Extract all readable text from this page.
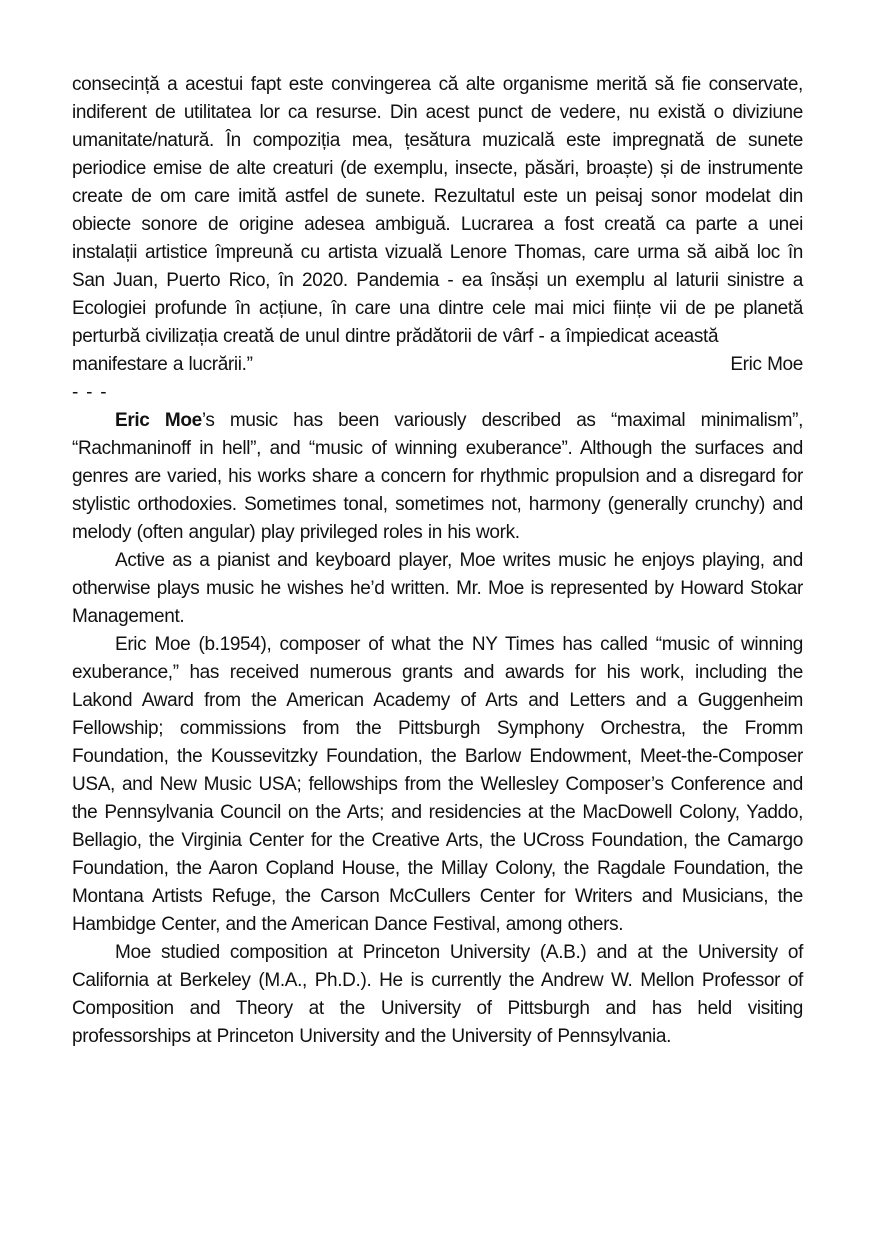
consecință a acestui fapt este convingerea că alte organisme merită să fie conservate, indiferent de utilitatea lor ca resurse. Din acest punct de vedere, nu există o diviziune umanitate/natură. În compoziția mea, țesătura muzicală este impregnată de sunete periodice emise de alte creaturi (de exemplu, insecte, păsări, broaște) și de instrumente create de om care imită astfel de sunete. Rezultatul este un peisaj sonor modelat din obiecte sonore de origine adesea ambiguă. Lucrarea a fost creată ca parte a unei instalații artistice împreună cu artista vizuală Lenore Thomas, care urma să aibă loc în San Juan, Puerto Rico, în 2020. Pandemia - ea însăși un exemplu al laturii sinistre a Ecologiei profunde în acțiune, în care una dintre cele mai mici ființe vii de pe planetă perturbă civilizația creată de unul dintre prădătorii de vârf - a împiedicat această

manifestare a lucrării.”	Eric Moe
- - -

Eric Moe’s music has been variously described as “maximal minimalism”, “Rachmaninoff in hell”, and “music of winning exuberance”. Although the surfaces and genres are varied, his works share a concern for rhythmic propulsion and a disregard for stylistic orthodoxies. Sometimes tonal, sometimes not, harmony (generally crunchy) and melody (often angular) play privileged roles in his work.

Active as a pianist and keyboard player, Moe writes music he enjoys playing, and otherwise plays music he wishes he’d written. Mr. Moe is represented by Howard Stokar Management.

Eric Moe (b.1954), composer of what the NY Times has called “music of winning exuberance,” has received numerous grants and awards for his work, including the Lakond Award from the American Academy of Arts and Letters and a Guggenheim Fellowship; commissions from the Pittsburgh Symphony Orchestra, the Fromm Foundation, the Koussevitzky Foundation, the Barlow Endowment, Meet-the-Composer USA, and New Music USA; fellowships from the Wellesley Composer’s Conference and the Pennsylvania Council on the Arts; and residencies at the MacDowell Colony, Yaddo, Bellagio, the Virginia Center for the Creative Arts, the UCross Foundation, the Camargo Foundation, the Aaron Copland House, the Millay Colony, the Ragdale Foundation, the Montana Artists Refuge, the Carson McCullers Center for Writers and Musicians, the Hambidge Center, and the American Dance Festival, among others.

Moe studied composition at Princeton University (A.B.) and at the University of California at Berkeley (M.A., Ph.D.). He is currently the Andrew W. Mellon Professor of Composition and Theory at the University of Pittsburgh and has held visiting professorships at Princeton University and the University of Pennsylvania.
